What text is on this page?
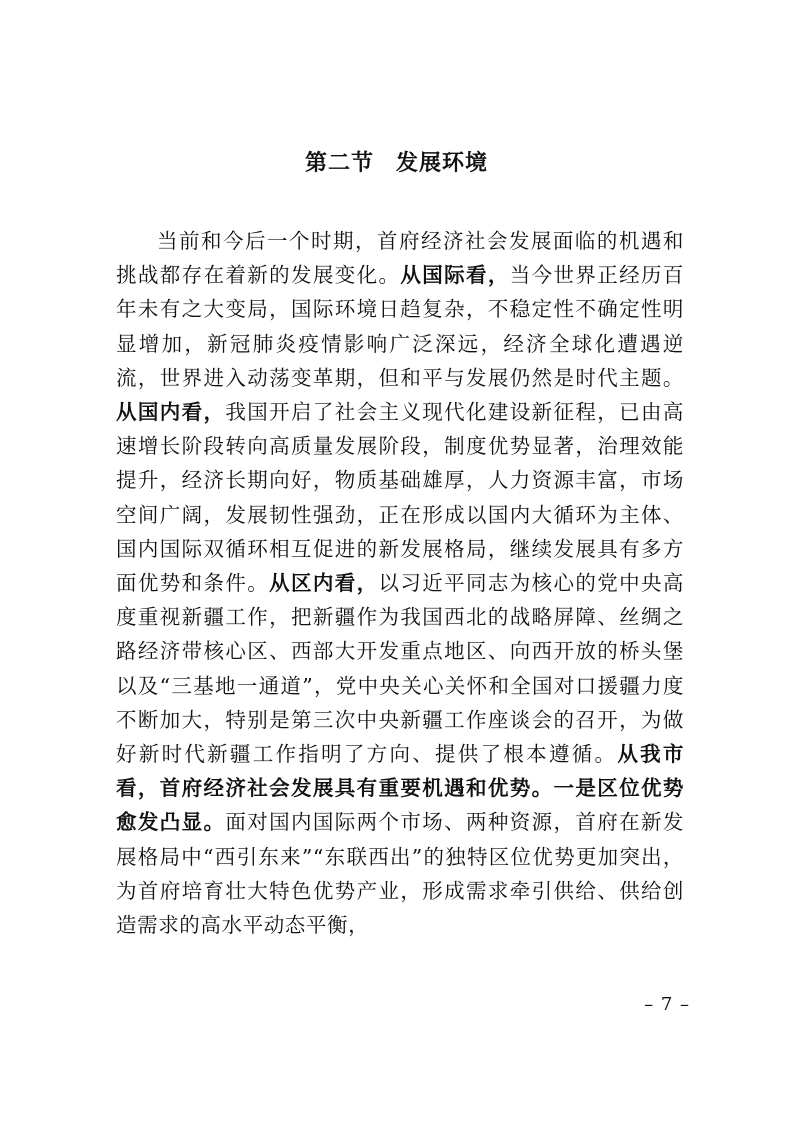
第二节 发展环境
当前和今后一个时期，首府经济社会发展面临的机遇和挑战都存在着新的发展变化。从国际看，当今世界正经历百年未有之大变局，国际环境日趋复杂，不稳定性不确定性明显增加，新冠肺炎疫情影响广泛深远，经济全球化遭遇逆流，世界进入动荡变革期，但和平与发展仍然是时代主题。从国内看，我国开启了社会主义现代化建设新征程，已由高速增长阶段转向高质量发展阶段，制度优势显著，治理效能提升，经济长期向好，物质基础雄厚，人力资源丰富，市场空间广阔，发展韧性强劲，正在形成以国内大循环为主体、国内国际双循环相互促进的新发展格局，继续发展具有多方面优势和条件。从区内看，以习近平同志为核心的党中央高度重视新疆工作，把新疆作为我国西北的战略屏障、丝绸之路经济带核心区、西部大开发重点地区、向西开放的桥头堡以及“三基地一通道”，党中央关心关怀和全国对口援疆力度不断加大，特别是第三次中央新疆工作座谈会的召开，为做好新时代新疆工作指明了方向、提供了根本遵循。从我市看，首府经济社会发展具有重要机遇和优势。一是区位优势愈发凸显。面对国内国际两个市场、两种资源，首府在新发展格局中“西引东来”“东联西出”的独特区位优势更加突出，为首府培育壮大特色优势产业，形成需求牵引供给、供给创造需求的高水平动态平衡，
– 7 –
